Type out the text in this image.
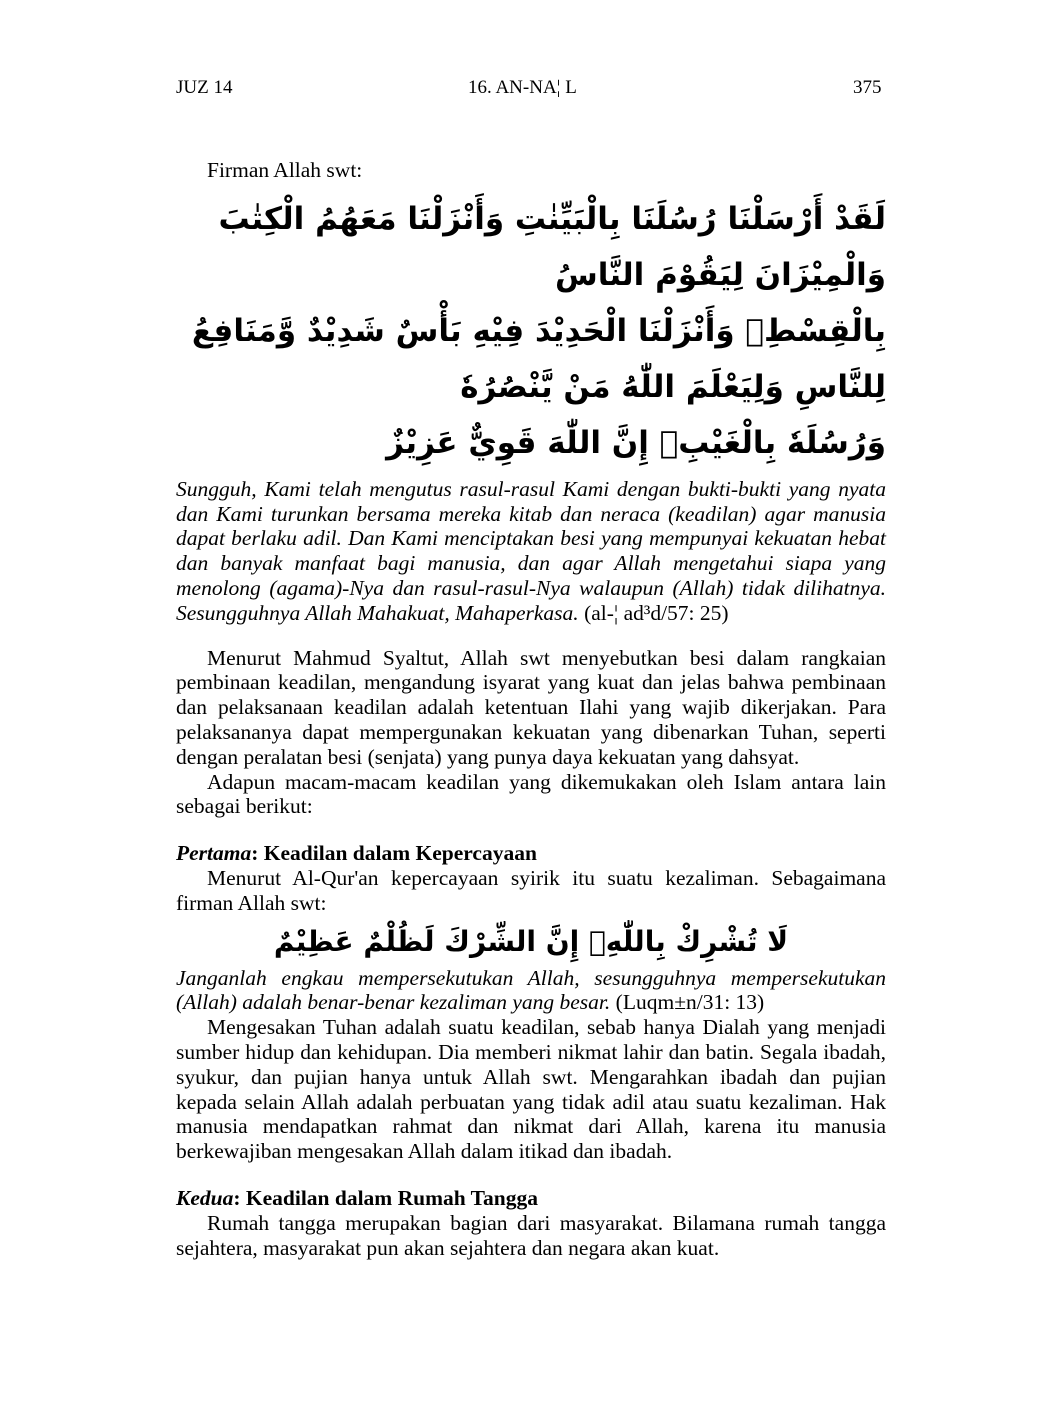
JUZ 14	16. AN-NA¦ L	375

Firman Allah swt:

لَقَدْ أَرْسَلْنَا رُسُلَنَا بِالْبَيِّنٰتِ وَأَنْزَلْنَا مَعَهُمُ الْكِتٰبَ وَالْمِيْزَانَ لِيَقُوْمَ النَّاسُ
بِالْقِسْطِۚ وَأَنْزَلْنَا الْحَدِيْدَ فِيْهِ بَأْسٌ شَدِيْدٌ وَّمَنَافِعُ لِلنَّاسِ وَلِيَعْلَمَ اللّٰهُ مَنْ يَّنْصُرُهٗ
وَرُسُلَهٗ بِالْغَيْبِۗ إِنَّ اللّٰهَ قَوِيٌّ عَزِيْزٌ

Sungguh, Kami telah mengutus rasul-rasul Kami dengan bukti-bukti yang nyata dan Kami turunkan bersama mereka kitab dan neraca (keadilan) agar manusia dapat berlaku adil. Dan Kami menciptakan besi yang mempunyai kekuatan hebat dan banyak manfaat bagi manusia, dan agar Allah mengetahui siapa yang menolong (agama)-Nya dan rasul-rasul-Nya walaupun (Allah) tidak dilihatnya. Sesungguhnya Allah Mahakuat, Mahaperkasa. (al-¦ ad³d/57: 25)

Menurut Mahmud Syaltut, Allah swt menyebutkan besi dalam rangkaian pembinaan keadilan, mengandung isyarat yang kuat dan jelas bahwa pembinaan dan pelaksanaan keadilan adalah ketentuan Ilahi yang wajib dikerjakan. Para pelaksananya dapat mempergunakan kekuatan yang dibenarkan Tuhan, seperti dengan peralatan besi (senjata) yang punya daya kekuatan yang dahsyat.

Adapun macam-macam keadilan yang dikemukakan oleh Islam antara lain sebagai berikut:

Pertama: Keadilan dalam Kepercayaan

Menurut Al-Qur'an kepercayaan syirik itu suatu kezaliman. Sebagaimana firman Allah swt:

لَا تُشْرِكْ بِاللّٰهِۗ إِنَّ الشِّرْكَ لَظُلْمٌ عَظِيْمٌ

Janganlah engkau mempersekutukan Allah, sesungguhnya mempersekutukan (Allah) adalah benar-benar kezaliman yang besar. (Luqm±n/31: 13)

Mengesakan Tuhan adalah suatu keadilan, sebab hanya Dialah yang menjadi sumber hidup dan kehidupan. Dia memberi nikmat lahir dan batin. Segala ibadah, syukur, dan pujian hanya untuk Allah swt. Mengarahkan ibadah dan pujian kepada selain Allah adalah perbuatan yang tidak adil atau suatu kezaliman. Hak manusia mendapatkan rahmat dan nikmat dari Allah, karena itu manusia berkewajiban mengesakan Allah dalam itikad dan ibadah.

Kedua: Keadilan dalam Rumah Tangga

Rumah tangga merupakan bagian dari masyarakat. Bilamana rumah tangga sejahtera, masyarakat pun akan sejahtera dan negara akan kuat.
